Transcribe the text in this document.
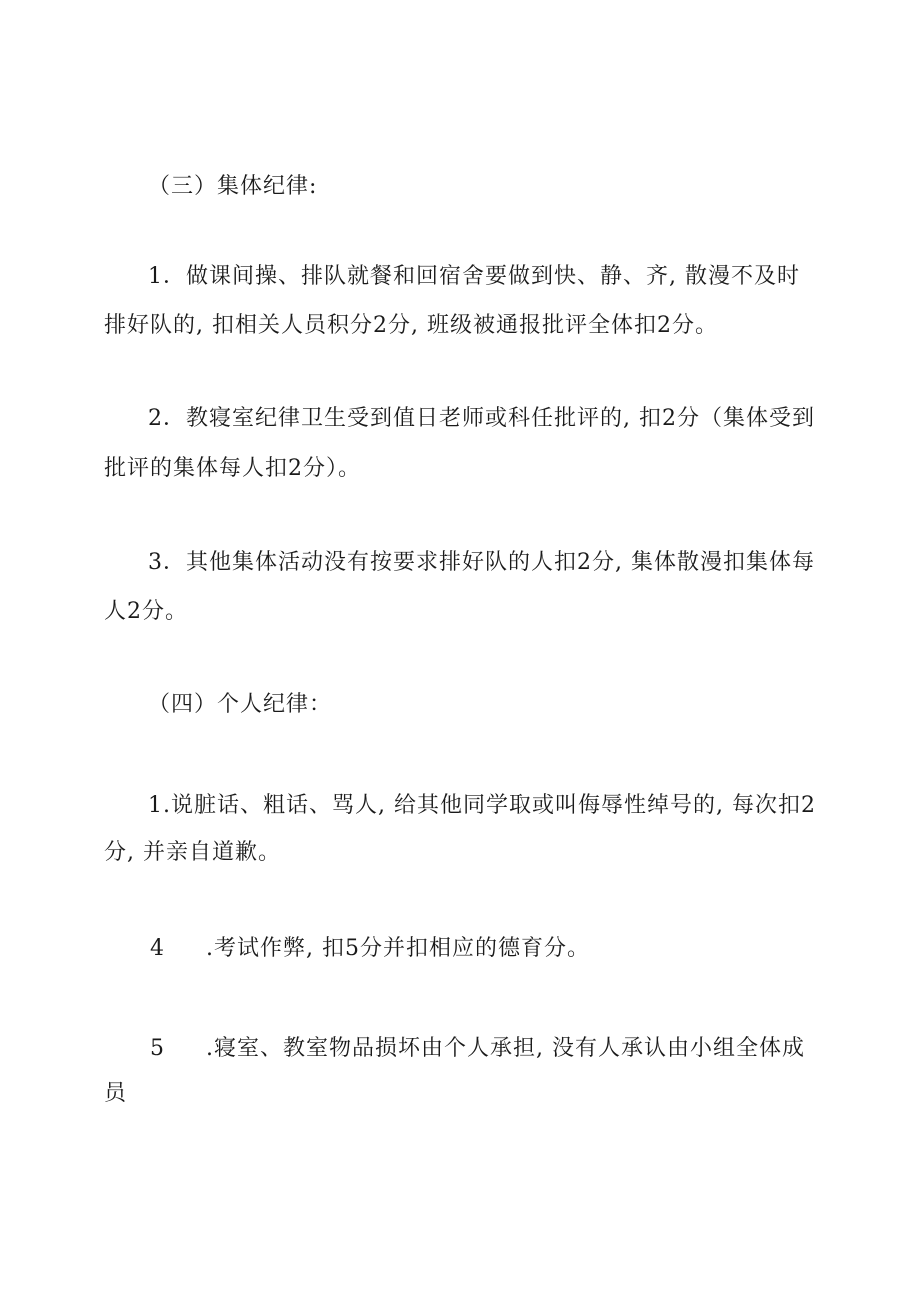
（三）集体纪律:
1．做课间操、排队就餐和回宿舍要做到快、静、齐, 散漫不及时
排好队的, 扣相关人员积分2分, 班级被通报批评全体扣2分。
2．教寝室纪律卫生受到值日老师或科任批评的, 扣2分（集体受到
批评的集体每人扣2分）。
3．其他集体活动没有按要求排好队的人扣2分, 集体散漫扣集体每
人2分。
（四）个人纪律：
1.说脏话、粗话、骂人, 给其他同学取或叫侮辱性绰号的, 每次扣2
分, 并亲自道歉。
4 .考试作弊, 扣5分并扣相应的德育分。
5 .寝室、教室物品损坏由个人承担, 没有人承认由小组全体成
员
